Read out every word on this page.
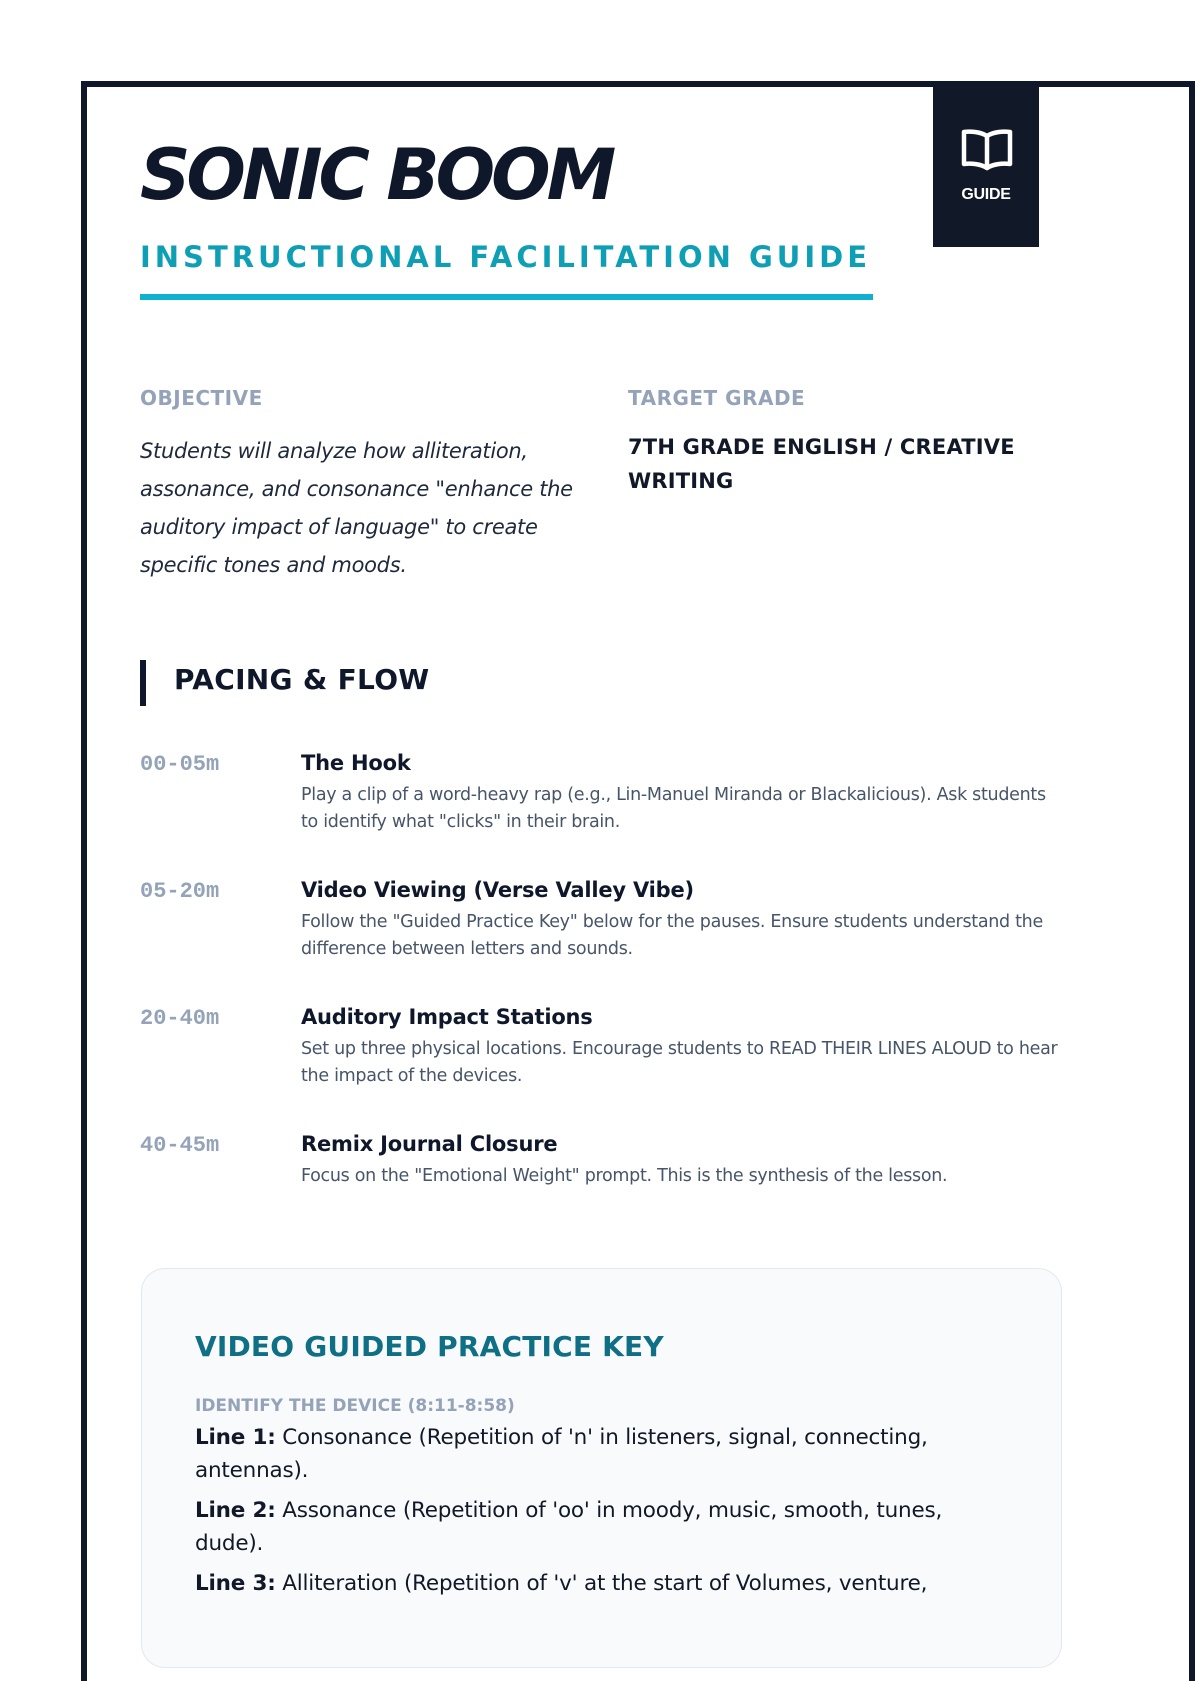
SONIC BOOM
INSTRUCTIONAL FACILITATION GUIDE
GUIDE
OBJECTIVE

Students will analyze how alliteration, assonance, and consonance "enhance the auditory impact of language" to create specific tones and moods.

TARGET GRADE

7TH GRADE ENGLISH / CREATIVE WRITING

PACING & FLOW
00-05m	The Hook

Play a clip of a word-heavy rap (e.g., Lin-Manuel Miranda or Blackalicious). Ask students to identify what "clicks" in their brain.

05-20m	Video Viewing (Verse Valley Vibe)

Follow the "Guided Practice Key" below for the pauses. Ensure students understand the difference between letters and sounds.

20-40m	Auditory Impact Stations

Set up three physical locations. Encourage students to READ THEIR LINES ALOUD to hear the impact of the devices.

40-45m	Remix Journal Closure

Focus on the "Emotional Weight" prompt. This is the synthesis of the lesson.

VIDEO GUIDED PRACTICE KEY
IDENTIFY THE DEVICE (8:11-8:58)

Line 1: Consonance (Repetition of 'n' in listeners, signal, connecting, antennas).

Line 2: Assonance (Repetition of 'oo' in moody, music, smooth, tunes, dude).

Line 3: Alliteration (Repetition of 'v' at the start of Volumes, venture,
